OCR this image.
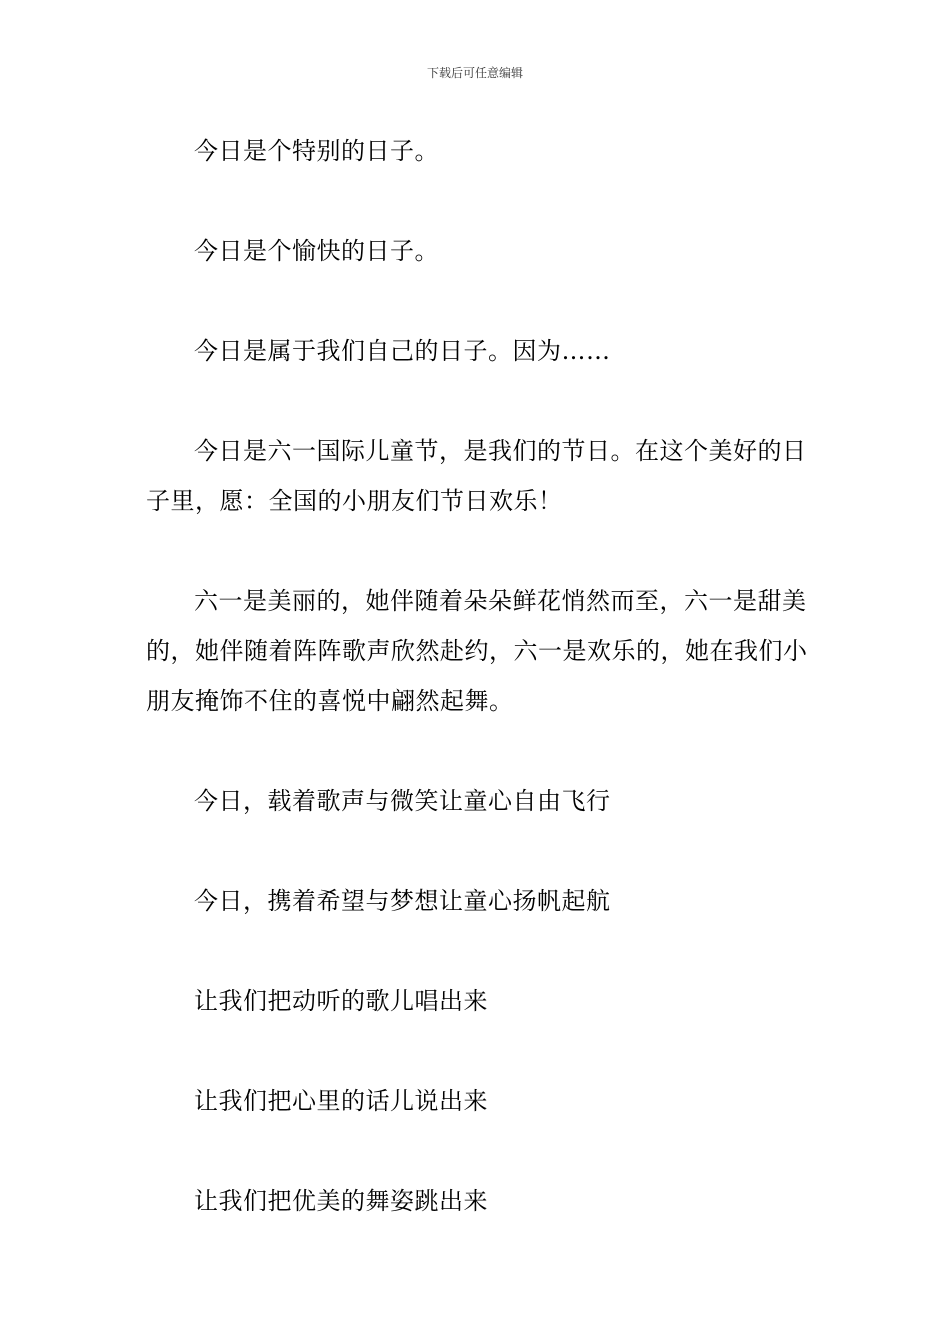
下载后可任意编辑

今日是个特别的日子。

今日是个愉快的日子。

今日是属于我们自己的日子。因为……

今日是六一国际儿童节，是我们的节日。在这个美好的日子里，愿：全国的小朋友们节日欢乐！

六一是美丽的，她伴随着朵朵鲜花悄然而至，六一是甜美的，她伴随着阵阵歌声欣然赴约，六一是欢乐的，她在我们小朋友掩饰不住的喜悦中翩然起舞。

今日，载着歌声与微笑让童心自由飞行

今日，携着希望与梦想让童心扬帆起航

让我们把动听的歌儿唱出来

让我们把心里的话儿说出来

让我们把优美的舞姿跳出来
